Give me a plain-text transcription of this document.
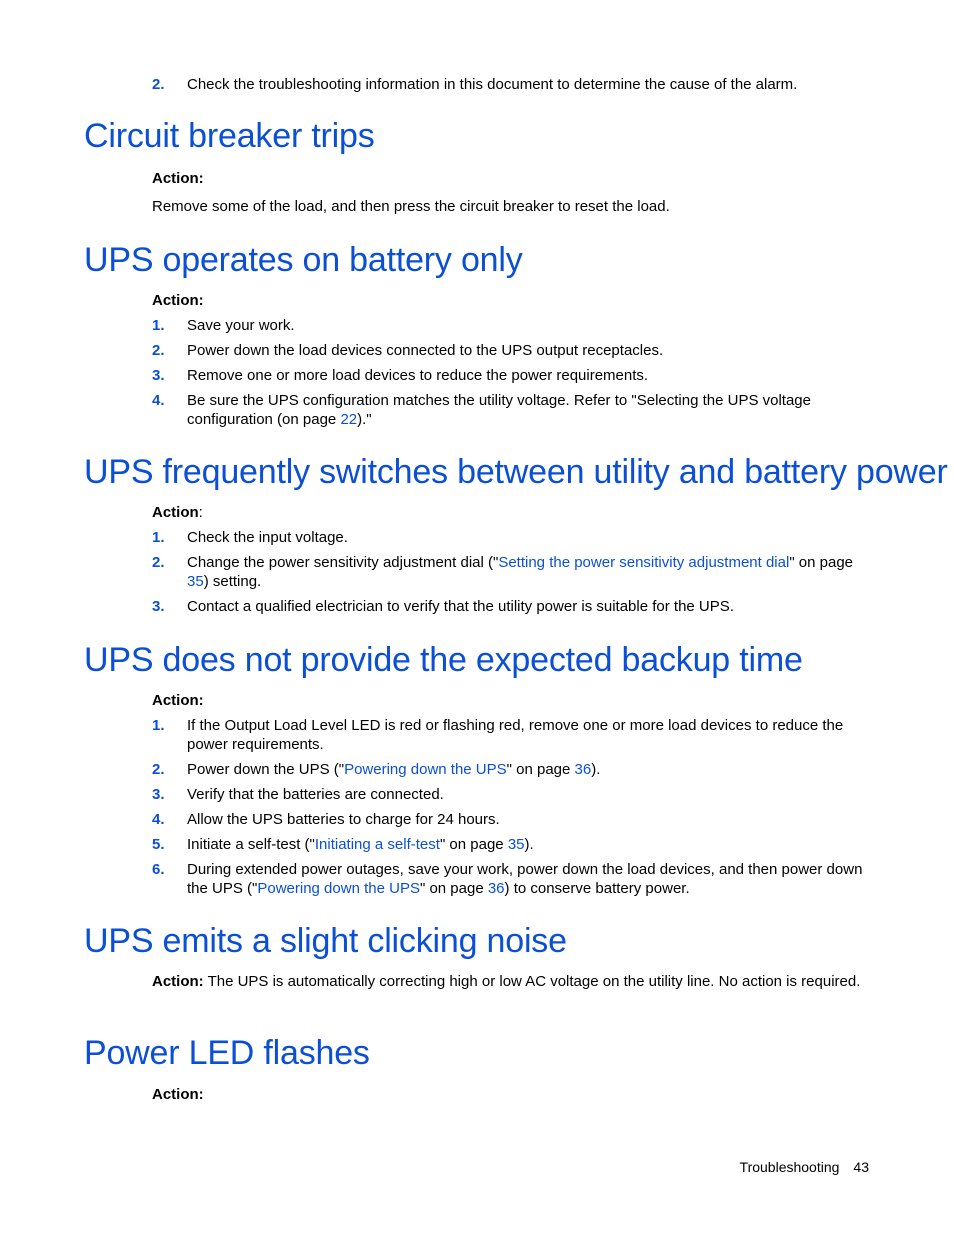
2. Check the troubleshooting information in this document to determine the cause of the alarm.
Circuit breaker trips
Action:
Remove some of the load, and then press the circuit breaker to reset the load.
UPS operates on battery only
Action:
1. Save your work.
2. Power down the load devices connected to the UPS output receptacles.
3. Remove one or more load devices to reduce the power requirements.
4. Be sure the UPS configuration matches the utility voltage. Refer to "Selecting the UPS voltage configuration (on page 22)."
UPS frequently switches between utility and battery power
Action:
1. Check the input voltage.
2. Change the power sensitivity adjustment dial ("Setting the power sensitivity adjustment dial" on page 35) setting.
3. Contact a qualified electrician to verify that the utility power is suitable for the UPS.
UPS does not provide the expected backup time
Action:
1. If the Output Load Level LED is red or flashing red, remove one or more load devices to reduce the power requirements.
2. Power down the UPS ("Powering down the UPS" on page 36).
3. Verify that the batteries are connected.
4. Allow the UPS batteries to charge for 24 hours.
5. Initiate a self-test ("Initiating a self-test" on page 35).
6. During extended power outages, save your work, power down the load devices, and then power down the UPS ("Powering down the UPS" on page 36) to conserve battery power.
UPS emits a slight clicking noise
Action: The UPS is automatically correcting high or low AC voltage on the utility line. No action is required.
Power LED flashes
Action:
Troubleshooting 43
